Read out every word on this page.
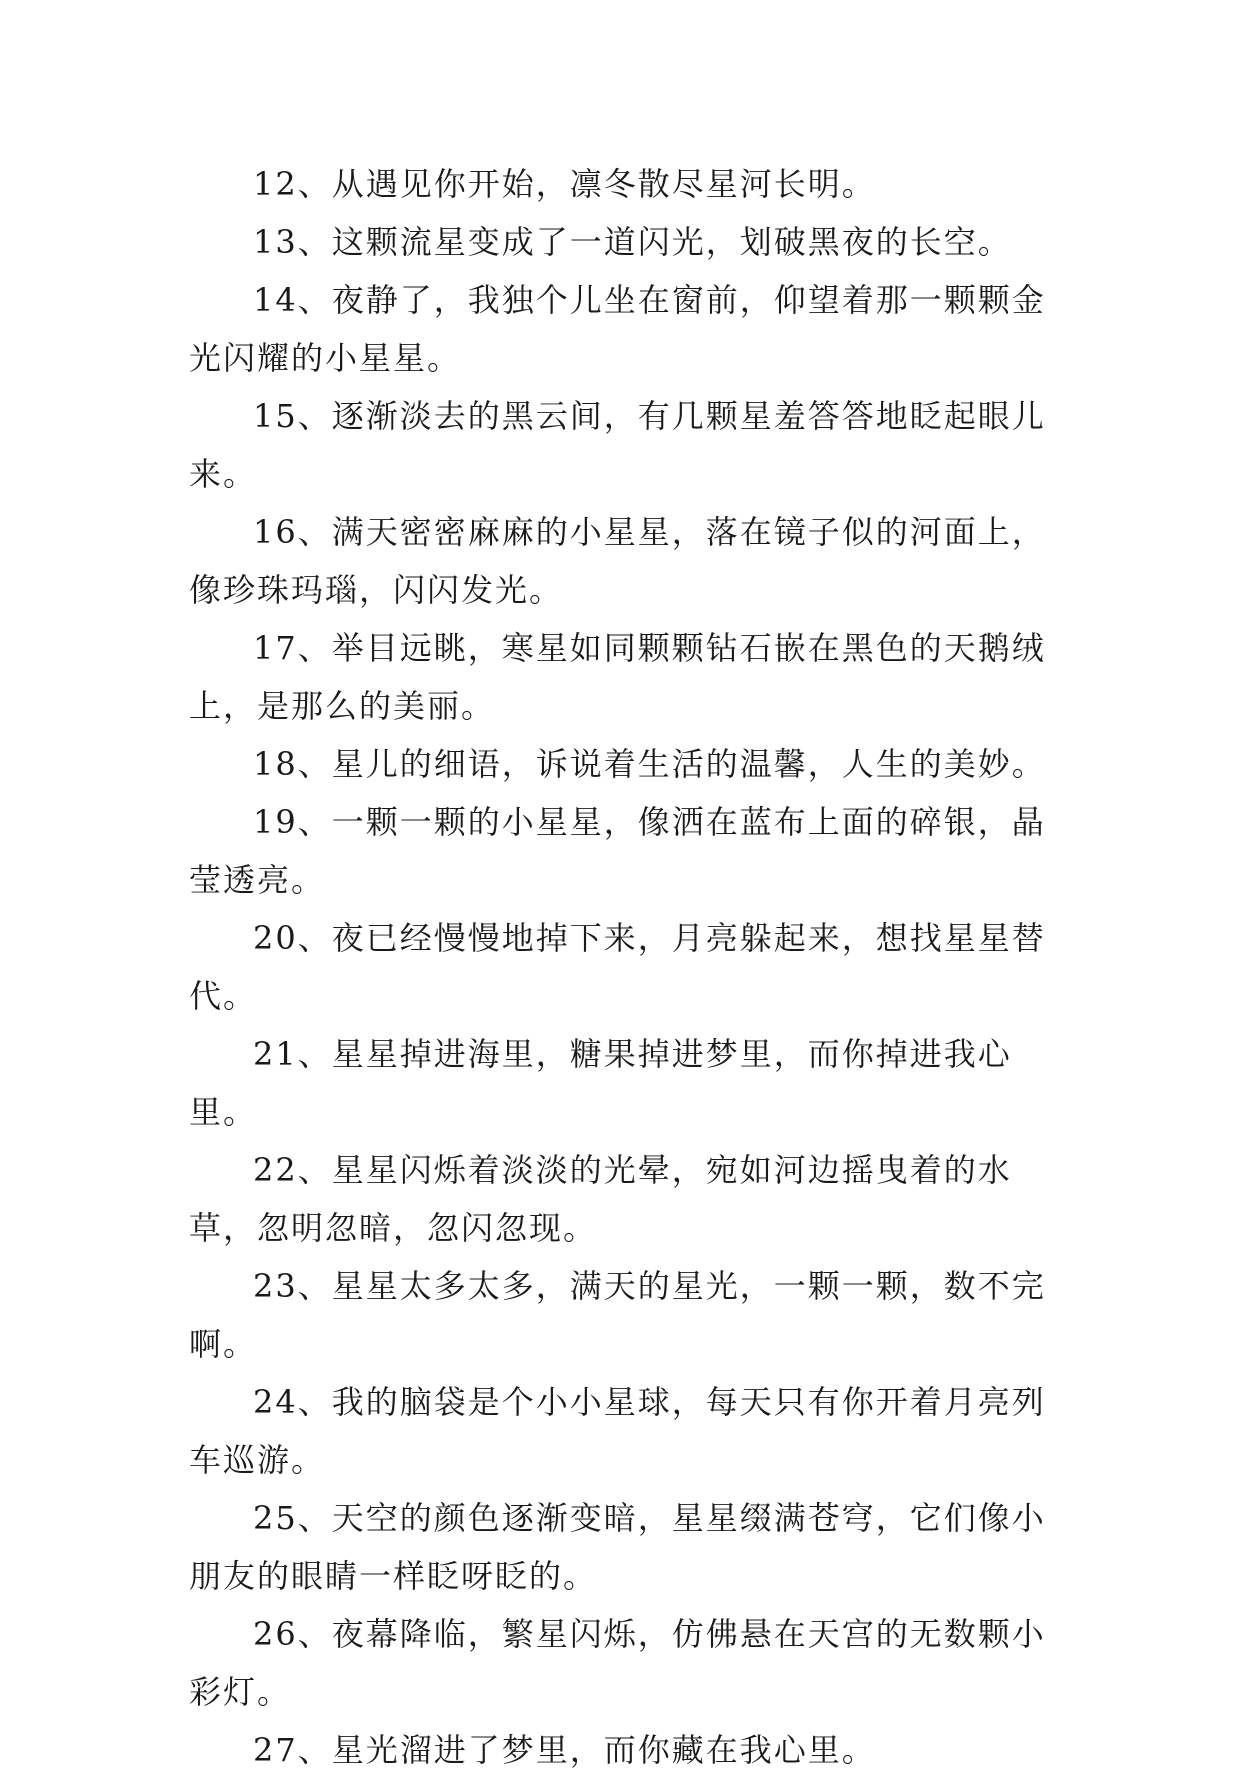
12、从遇见你开始，凛冬散尽星河长明。

13、这颗流星变成了一道闪光，划破黑夜的长空。

14、夜静了，我独个儿坐在窗前，仰望着那一颗颗金光闪耀的小星星。

15、逐渐淡去的黑云间，有几颗星羞答答地眨起眼儿来。

16、满天密密麻麻的小星星，落在镜子似的河面上，像珍珠玛瑙，闪闪发光。

17、举目远眺，寒星如同颗颗钻石嵌在黑色的天鹅绒上，是那么的美丽。

18、星儿的细语，诉说着生活的温馨，人生的美妙。

19、一颗一颗的小星星，像洒在蓝布上面的碎银，晶莹透亮。

20、夜已经慢慢地掉下来，月亮躲起来，想找星星替代。

21、星星掉进海里，糖果掉进梦里，而你掉进我心里。

22、星星闪烁着淡淡的光晕，宛如河边摇曳着的水草，忽明忽暗，忽闪忽现。

23、星星太多太多，满天的星光，一颗一颗，数不完啊。

24、我的脑袋是个小小星球，每天只有你开着月亮列车巡游。

25、天空的颜色逐渐变暗，星星缀满苍穹，它们像小朋友的眼睛一样眨呀眨的。

26、夜幕降临，繁星闪烁，仿佛悬在天宫的无数颗小彩灯。

27、星光溜进了梦里，而你藏在我心里。
